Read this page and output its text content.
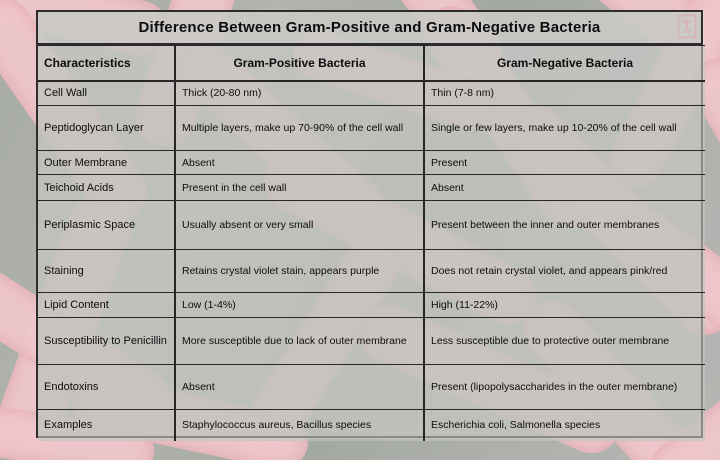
Difference Between Gram-Positive and Gram-Negative Bacteria
Characteristics	Gram-Positive Bacteria	Gram-Negative Bacteria
Cell Wall	Thick (20-80 nm)	Thin (7-8 nm)
Peptidoglycan Layer	Multiple layers, make up 70-90% of the cell wall	Single or few layers, make up 10-20% of the cell wall
Outer Membrane	Absent	Present
Teichoid Acids	Present in the cell wall	Absent
Periplasmic Space	Usually absent or very small	Present between the inner and outer membranes
Staining	Retains crystal violet stain, appears purple	Does not retain crystal violet, and appears pink/red
Lipid Content	Low (1-4%)	High (11-22%)
Susceptibility to Penicillin	More susceptible due to lack of outer membrane	Less susceptible due to protective outer membrane
Endotoxins	Absent	Present (lipopolysaccharides in the outer membrane)
Examples	Staphylococcus aureus, Bacillus species	Escherichia coli, Salmonella species
